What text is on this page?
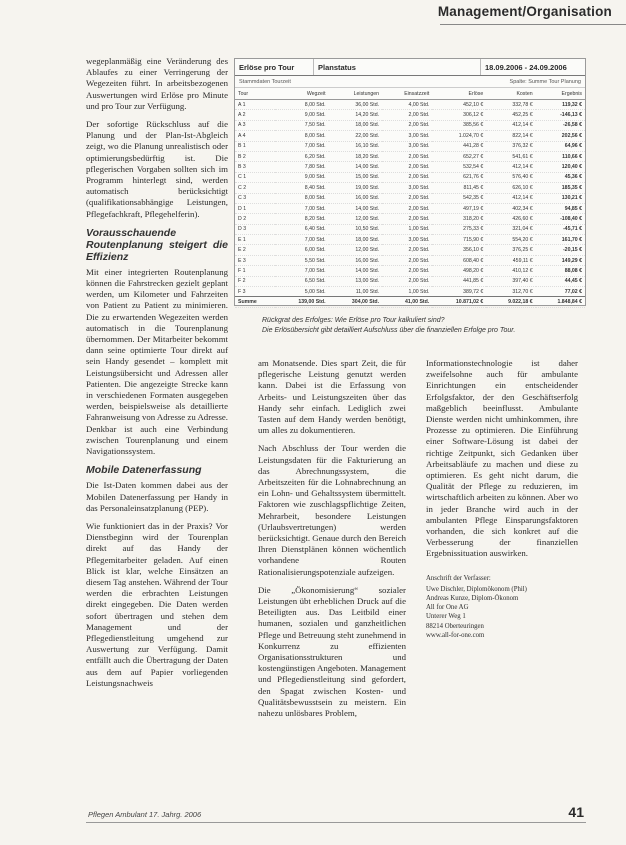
Management/Organisation

wegeplanmäßig eine Veränderung des Ablaufes zu einer Verringerung der Wegezeiten führt. In arbeitsbezogenen Auswertungen wird Erlöse pro Minute und pro Tour zur Verfügung.

Der sofortige Rückschluss auf die Planung und der Plan-Ist-Abgleich zeigt, wo die Planung unrealistisch oder optimierungsbedürftig ist. Die pflegerischen Vorgaben sollten sich im Programm hinterlegt sind, werden automatisch berücksichtigt (qualifikationsabhängige Leistungen, Pflegefachkraft, Pflegehelferin).

Vorausschauende Routenplanung steigert die Effizienz

Mit einer integrierten Routenplanung können die Fahrstrecken gezielt geplant werden, um Kilometer und Fahrzeiten von Patient zu Patient zu minimieren. Die zu erwartenden Wegezeiten werden automatisch in die Tourenplanung übernommen. Der Mitarbeiter bekommt dann seine optimierte Tour direkt auf sein Handy gesendet – komplett mit Leistungsübersicht und Adressen aller Patienten. Die angezeigte Strecke kann in verschiedenen Formaten ausgegeben werden, beispielsweise als detaillierte Fahranweisung von Adresse zu Adresse. Denkbar ist auch eine Verbindung zwischen Tourenplanung und einem Navigationssystem.

Mobile Datenerfassung

Die Ist-Daten kommen dabei aus der Mobilen Datenerfassung per Handy in das Personaleinsatzplanung (PEP).

Wie funktioniert das in der Praxis? Vor Dienstbeginn wird der Tourenplan direkt auf das Handy der Pflegemitarbeiter geladen. Auf einen Blick ist klar, welche Einsätzen an diesem Tag anstehen. Während der Tour werden die erbrachten Leistungen direkt eingegeben. Die Daten werden sofort übertragen und stehen dem Management und der Pflegedienstleitung umgehend zur Auswertung zur Verfügung. Damit entfällt auch die Übertragung der Daten aus dem auf Papier vorliegenden Leistungsnachweis

Erlöse pro Tour	Planstatus	18.09.2006 - 24.09.2006
Stammdaten Tourzeit	Spalte: Summe Tour Planung
Tour	Wegzeit	Leistungen	Einsatzzeit	Erlöse	Kosten	Ergebnis
A 1	8,00 Std.	36,00 Std.	4,00 Std.	452,10 €	332,78 €	119,32 €
A 2	9,00 Std.	14,20 Std.	2,00 Std.	306,12 €	452,25 €	-146,13 €
A 3	7,50 Std.	18,00 Std.	2,00 Std.	385,56 €	412,14 €	-26,58 €
A 4	8,00 Std.	22,00 Std.	3,00 Std.	1.024,70 €	822,14 €	202,56 €
B 1	7,00 Std.	16,10 Std.	3,00 Std.	441,28 €	376,32 €	64,96 €
B 2	6,20 Std.	18,20 Std.	2,00 Std.	652,27 €	541,61 €	110,66 €
B 3	7,80 Std.	14,00 Std.	2,00 Std.	532,54 €	412,14 €	120,40 €
C 1	9,00 Std.	15,00 Std.	2,00 Std.	621,76 €	576,40 €	45,36 €
C 2	8,40 Std.	19,00 Std.	3,00 Std.	811,45 €	626,10 €	185,35 €
C 3	8,00 Std.	16,00 Std.	2,00 Std.	542,35 €	412,14 €	130,21 €
D 1	7,00 Std.	14,00 Std.	2,00 Std.	497,19 €	402,34 €	94,85 €
D 2	8,20 Std.	12,00 Std.	2,00 Std.	318,20 €	426,60 €	-108,40 €
D 3	6,40 Std.	10,50 Std.	1,00 Std.	275,33 €	321,04 €	-45,71 €
E 1	7,00 Std.	18,00 Std.	3,00 Std.	715,90 €	554,20 €	161,70 €
E 2	6,00 Std.	12,00 Std.	2,00 Std.	356,10 €	376,25 €	-20,15 €
E 3	5,50 Std.	16,00 Std.	2,00 Std.	608,40 €	459,11 €	149,29 €
F 1	7,00 Std.	14,00 Std.	2,00 Std.	498,20 €	410,12 €	88,08 €
F 2	6,50 Std.	13,00 Std.	2,00 Std.	441,85 €	397,40 €	44,45 €
F 3	5,00 Std.	11,00 Std.	1,00 Std.	389,72 €	312,70 €	77,02 €
Summe	139,00 Std.	304,00 Std.	41,00 Std.	10.871,02 €	9.022,18 €	1.848,84 €
Rückgrat des Erfolges: Wie Erlöse pro Tour kalkuliert sind?
Die Erlösübersicht gibt detailliert Aufschluss über die finanziellen Erfolge pro Tour.

am Monatsende. Dies spart Zeit, die für pflegerische Leistung genutzt werden kann. Dabei ist die Erfassung von Arbeits- und Leistungszeiten über das Handy sehr einfach. Lediglich zwei Tasten auf dem Handy werden benötigt, um alles zu dokumentieren.

Nach Abschluss der Tour werden die Leistungsdaten für die Fakturierung an das Abrechnungssystem, die Arbeitszeiten für die Lohnabrechnung an ein Lohn- und Gehaltssystem übermittelt. Faktoren wie zuschlagspflichtige Zeiten, Mehrarbeit, besondere Leistungen (Urlaubsvertretungen) werden berücksichtigt. Genaue durch den Bereich Ihren Dienstplänen können wöchentlich vorhandene Routen Rationalisierungspotenziale aufzeigen.

Die „Ökonomisierung“ sozialer Leistungen übt erheblichen Druck auf die Beteiligten aus. Das Leitbild einer humanen, sozialen und ganzheitlichen Pflege und Betreuung steht zunehmend in Konkurrenz zu effizienten Organisationsstrukturen und kostengünstigen Angeboten. Management und Pflegedienstleitung sind gefordert, den Spagat zwischen Kosten- und Qualitätsbewusstsein zu meistern. Ein nahezu unlösbares Problem,

Informationstechnologie ist daher zweifelsohne auch für ambulante Einrichtungen ein entscheidender Erfolgsfaktor, der den Geschäftserfolg maßgeblich beeinflusst. Ambulante Dienste werden nicht umhinkommen, ihre Prozesse zu optimieren. Die Einführung einer Software-Lösung ist dabei der richtige Zeitpunkt, sich Gedanken über Arbeitsabläufe zu machen und diese zu optimieren. Es geht nicht darum, die Qualität der Pflege zu reduzieren, im wirtschaftlich arbeiten zu können. Aber wo in jeder Branche wird auch in der ambulanten Pflege Einsparungsfaktoren vorhanden, die sich konkret auf die Verbesserung der finanziellen Ergebnissituation auswirken.

Anschrift der Verfasser:
Uwe Dischler, Diplomökonom (Phil)
Andreas Kunze, Diplom-Ökonom
All for One AG
Unterer Weg 1
88214 Oberteuringen
www.all-for-one.com
Pflegen Ambulant 17. Jahrg. 2006	41
